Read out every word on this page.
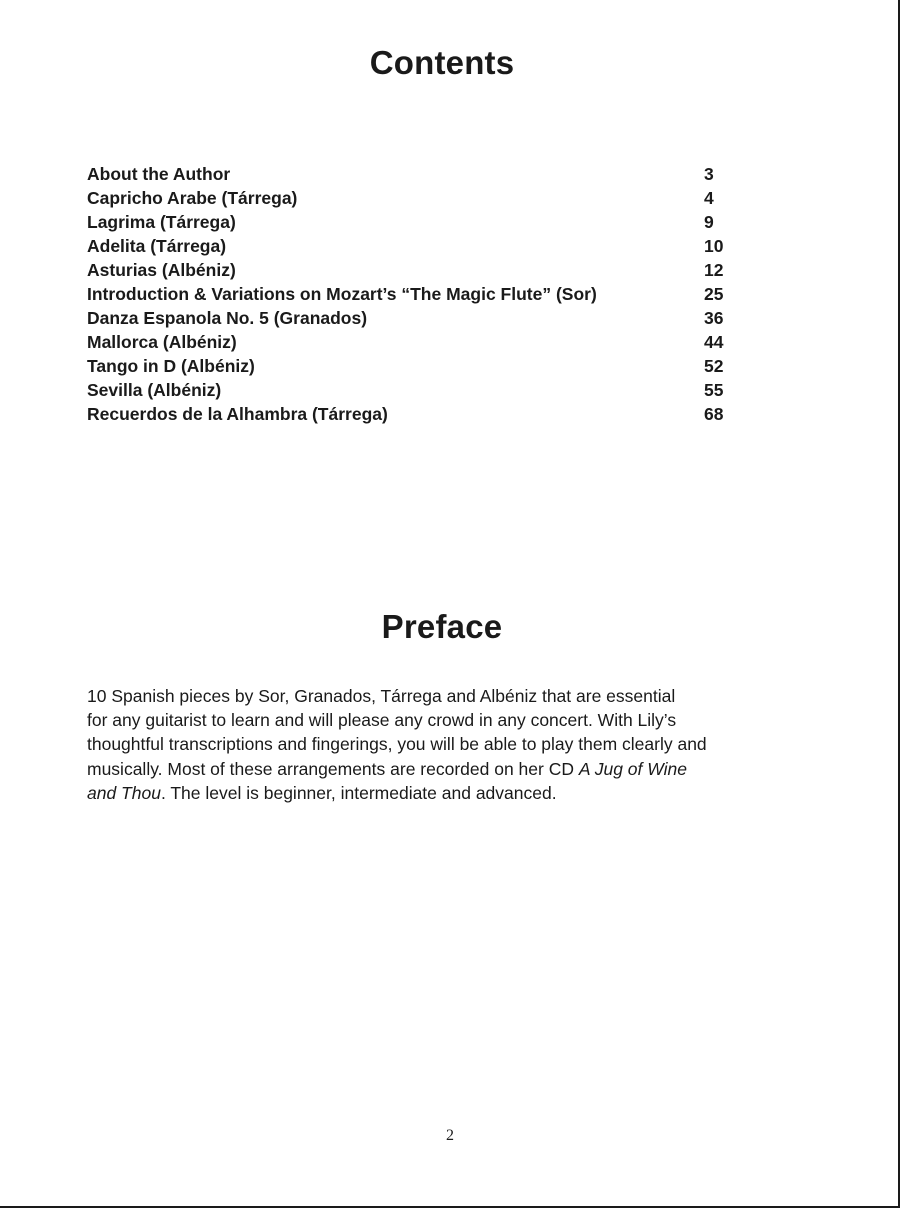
Contents
About the Author	3
Capricho Arabe (Tárrega)	4
Lagrima (Tárrega)	9
Adelita (Tárrega)	10
Asturias (Albéniz)	12
Introduction & Variations on Mozart’s “The Magic Flute” (Sor)	25
Danza Espanola No. 5 (Granados)	36
Mallorca (Albéniz)	44
Tango in D (Albéniz)	52
Sevilla (Albéniz)	55
Recuerdos de la Alhambra (Tárrega)	68
Preface

10 Spanish pieces by Sor, Granados, Tárrega and Albéniz that are essential
for any guitarist to learn and will please any crowd in any concert. With Lily’s
thoughtful transcriptions and fingerings, you will be able to play them clearly and
musically. Most of these arrangements are recorded on her CD A Jug of Wine
and Thou. The level is beginner, intermediate and advanced.

2
